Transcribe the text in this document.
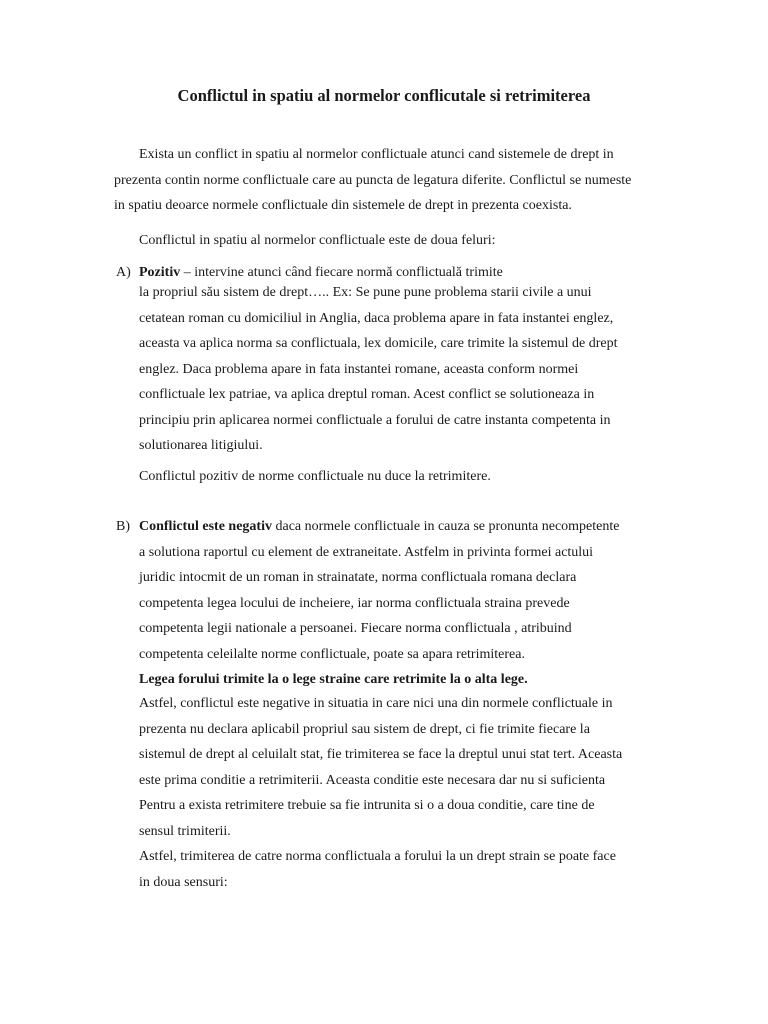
Conflictul in spatiu al normelor conflicutale si retrimiterea
Exista un conflict in spatiu al normelor conflictuale atunci cand sistemele de drept in
prezenta contin norme conflictuale care au puncta de legatura diferite. Conflictul se numeste
in spatiu deoarce normele conflictuale din sistemele de drept in prezenta coexista.
Conflictul in spatiu al normelor conflictuale este de doua feluri:
A) Pozitiv – intervine atunci când fiecare normă conflictuală trimite
la propriul său sistem de drept….. Ex: Se pune pune problema starii civile a unui
cetatean roman cu domiciliul in Anglia, daca problema apare in fata instantei englez,
aceasta va aplica norma sa conflictuala, lex domicile, care trimite la sistemul de drept
englez. Daca problema apare in fata instantei romane, aceasta conform normei
conflictuale lex patriae, va aplica dreptul roman. Acest conflict se solutioneaza in
principiu prin aplicarea normei conflictuale a forului de catre instanta competenta in
solutionarea litigiului.
Conflictul pozitiv de norme conflictuale nu duce la retrimitere.
B) Conflictul este negativ daca normele conflictuale in cauza se pronunta necompetente
a solutiona raportul cu element de extraneitate. Astfelm in privinta formei actului
juridic intocmit de un roman in strainatate, norma conflictuala romana declara
competenta legea locului de incheiere, iar norma conflictuala straina prevede
competenta legii nationale a persoanei. Fiecare norma conflictuala , atribuind
competenta celeilalte norme conflictuale, poate sa apara retrimiterea.
Legea forului trimite la o lege straine care retrimite la o alta lege.
Astfel, conflictul este negative in situatia in care nici una din normele conflictuale in
prezenta nu declara aplicabil propriul sau sistem de drept, ci fie trimite fiecare la
sistemul de drept al celuilalt stat, fie trimiterea se face la dreptul unui stat tert. Aceasta
este prima conditie a retrimiterii. Aceasta conditie este necesara dar nu si suficienta
Pentru a exista retrimitere trebuie sa fie intrunita si o a doua conditie, care tine de
sensul trimiterii.
Astfel, trimiterea de catre norma conflictuala a forului la un drept strain se poate face
in doua sensuri:
